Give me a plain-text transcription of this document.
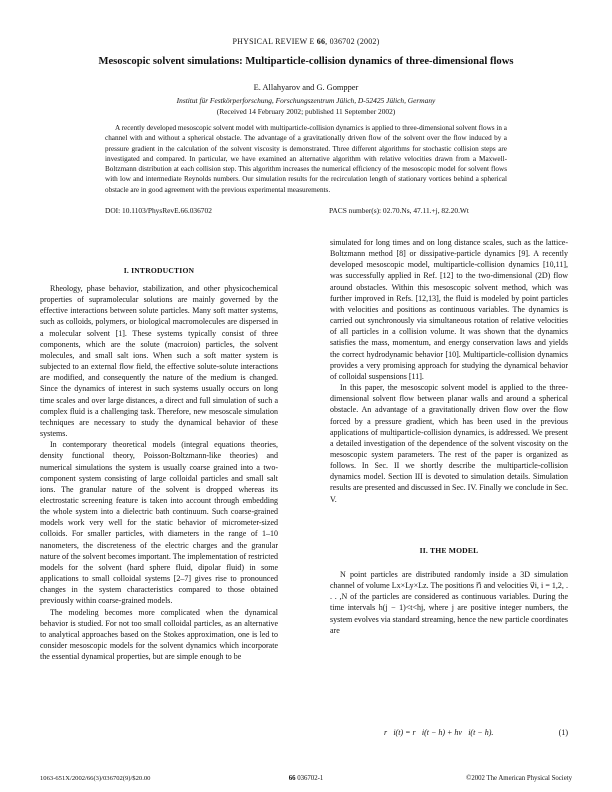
PHYSICAL REVIEW E 66, 036702 (2002)
Mesoscopic solvent simulations: Multiparticle-collision dynamics of three-dimensional flows
E. Allahyarov and G. Gompper
Institut für Festkörperforschung, Forschungszentrum Jülich, D-52425 Jülich, Germany
(Received 14 February 2002; published 11 September 2002)

A recently developed mesoscopic solvent model with multiparticle-collision dynamics is applied to three-dimensional solvent flows in a channel with and without a spherical obstacle. The advantage of a gravitationally driven flow of the solvent over the flow induced by a pressure gradient in the calculation of the solvent viscosity is demonstrated. Three different algorithms for stochastic collision steps are investigated and compared. In particular, we have examined an alternative algorithm with relative velocities drawn from a Maxwell-Boltzmann distribution at each collision step. This algorithm increases the numerical efficiency of the mesoscopic model for solvent flows with low and intermediate Reynolds numbers. Our simulation results for the recirculation length of stationary vortices behind a spherical obstacle are in good agreement with the previous experimental measurements.

DOI: 10.1103/PhysRevE.66.036702	PACS number(s): 02.70.Ns, 47.11.+j, 82.20.Wt
I. INTRODUCTION

Rheology, phase behavior, stabilization, and other physicochemical properties of supramolecular solutions are mainly governed by the effective interactions between solute particles. Many soft matter systems, such as colloids, polymers, or biological macromolecules are dispersed in a molecular solvent [1]. These systems typically consist of three components, which are the solute (macroion) particles, the solvent molecules, and small salt ions. When such a soft matter system is subjected to an external flow field, the effective solute-solute interactions are modified, and consequently the nature of the medium is changed. Since the dynamics of interest in such systems usually occurs on long time scales and over large distances, a direct and full simulation of such a complex fluid is a challenging task. Therefore, new mesoscale simulation techniques are necessary to study the dynamical behavior of these systems.

In contemporary theoretical models (integral equations theories, density functional theory, Poisson-Boltzmann-like theories) and numerical simulations the system is usually coarse grained into a two-component system consisting of large colloidal particles and small salt ions. The granular nature of the solvent is dropped whereas its electrostatic screening feature is taken into account through embedding the whole system into a dielectric bath continuum. Such coarse-grained models work very well for the static behavior of micrometer-sized colloids. For smaller particles, with diameters in the range of 1–10 nanometers, the discreteness of the electric charges and the granular nature of the solvent becomes important. The implementation of restricted models for the solvent (hard sphere fluid, dipolar fluid) in some applications to small colloidal systems [2–7] gives rise to pronounced changes in the system characteristics compared to those obtained previously within coarse-grained models.

The modeling becomes more complicated when the dynamical behavior is studied. For not too small colloidal particles, as an alternative to analytical approaches based on the Stokes approximation, one is led to consider mesoscopic models for the solvent dynamics which incorporate the essential dynamical properties, but are simple enough to be

simulated for long times and on long distance scales, such as the lattice-Boltzmann method [8] or dissipative-particle dynamics [9]. A recently developed mesoscopic model, multiparticle-collision dynamics [10,11], was successfully applied in Ref. [12] to the two-dimensional (2D) flow around obstacles. Within this mesoscopic solvent method, which was further improved in Refs. [12,13], the fluid is modeled by point particles with velocities and positions as continuous variables. The dynamics is carried out synchronously via simultaneous rotation of relative velocities of all particles in a collision volume. It was shown that the dynamics satisfies the mass, momentum, and energy conservation laws and yields the correct hydrodynamic behavior [10]. Multiparticle-collision dynamics provides a very promising approach for studying the dynamical behavior of colloidal suspensions [11].

In this paper, the mesoscopic solvent model is applied to the three-dimensional solvent flow between planar walls and around a spherical obstacle. An advantage of a gravitationally driven flow over the flow forced by a pressure gradient, which has been used in the previous applications of multiparticle-collision dynamics, is addressed. We present a detailed investigation of the dependence of the solvent viscosity on the mesoscopic system parameters. The rest of the paper is organized as follows. In Sec. II we shortly describe the multiparticle-collision dynamics model. Section III is devoted to simulation details. Simulation results are presented and discussed in Sec. IV. Finally we conclude in Sec. V.

II. THE MODEL

N point particles are distributed randomly inside a 3D simulation channel of volume Lx×Ly×Lz. The positions r⃗i and velocities v⃗i, i = 1,2, . . . ,N of the particles are considered as continuous variables. During the time intervals h(j − 1)<t<hj, where j are positive integer numbers, the system evolves via standard streaming, hence the new particle coordinates are

r⃗i(t) = r⃗i(t − h) + hv⃗i(t − h).	(1)
1063-651X/2002/66(3)/036702(9)/$20.00	66 036702-1	©2002 The American Physical Society
